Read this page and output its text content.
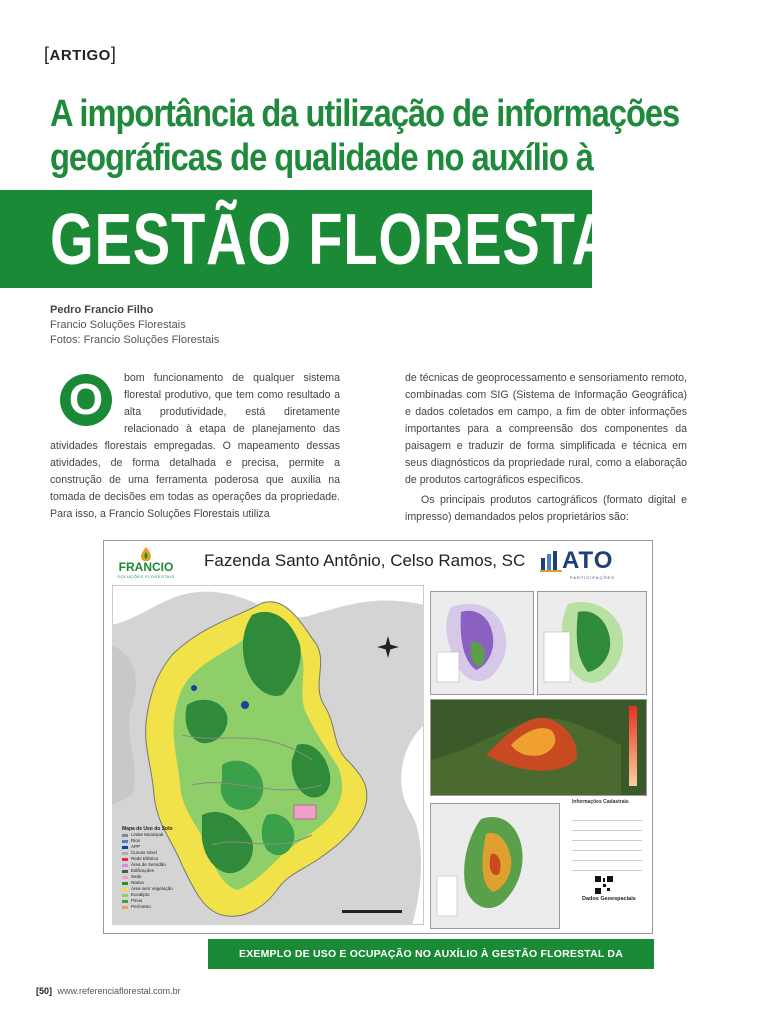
[ARTIGO]
A importância da utilização de informações
geográficas de qualidade no auxílio à
GESTÃO FLORESTAL
Pedro Francio Filho
Francio Soluções Florestais
Fotos: Francio Soluções Florestais
O	bom funcionamento de qualquer sistema florestal produtivo, que tem como resultado a alta produtividade, está diretamente relacionado à etapa de planejamento das atividades florestais empregadas. O mapeamento dessas atividades, de forma detalhada e precisa, permite a construção de uma ferramenta poderosa que auxilia na tomada de decisões em todas as operações da propriedade. Para isso, a Francio Soluções Florestais utiliza

de técnicas de geoprocessamento e sensoriamento remoto, combinadas com SIG (Sistema de Informação Geográfica) e dados coletados em campo, a fim de obter informações importantes para a compreensão dos componentes da paisagem e traduzir de forma simplificada e técnica em seus diagnósticos da propriedade rural, como a elaboração de produtos cartográficos específicos.

Os principais produtos cartográficos (formato digital e impresso) demandados pelos proprietários são:

FRANCIO
SOLUÇÕES FLORESTAIS
Fazenda Santo Antônio, Celso Ramos, SC	ATO
PARTICIPAÇÕES
Mapa de Uso do Solo
Limite Municipal
Rios
APP
Curvas Nível
Rede Elétrica
Área de Servidão
Edificações
Sede
Nativa
Área sem Vegetação
Eucalipto
Pinus
Perímetro
Informações Cadastrais
Dados Geoespaciais
EXEMPLO DE USO E OCUPAÇÃO NO AUXÍLIO À GESTÃO FLORESTAL DA PROPRIEDADE
[50] www.referenciaflorestal.com.br
